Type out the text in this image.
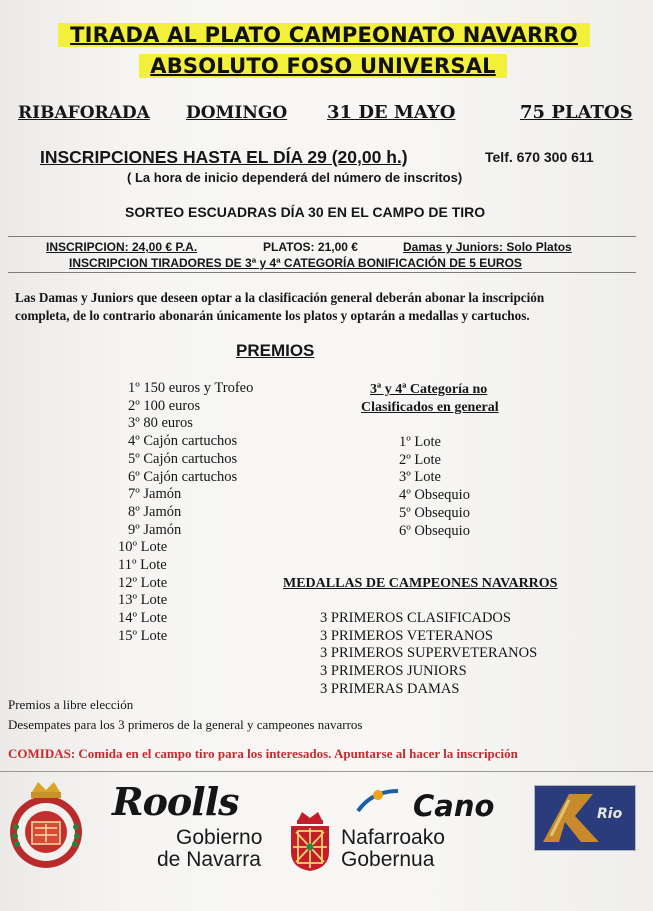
TIRADA AL PLATO CAMPEONATO NAVARRO
ABSOLUTO FOSO UNIVERSAL
RIBAFORADA DOMINGO 31 DE MAYO	75 PLATOS
INSCRIPCIONES HASTA EL DÍA 29 (20,00 h.)	Telf. 670 300 611
( La hora de inicio dependerá del número de inscritos)
SORTEO ESCUADRAS DÍA 30 EN EL CAMPO DE TIRO
INSCRIPCION: 24,00 € P.A.	PLATOS: 21,00 €	Damas y Juniors: Solo Platos
INSCRIPCION TIRADORES DE 3ª y 4ª CATEGORÍA BONIFICACIÓN DE 5 EUROS
Las Damas y Juniors que deseen optar a la clasificación general deberán abonar la inscripción
completa, de lo contrario abonarán únicamente los platos y optarán a medallas y cartuchos.
PREMIOS
1º 150 euros y Trofeo
2º 100 euros
3º 80 euros
4º Cajón cartuchos
5º Cajón cartuchos
6º Cajón cartuchos
7º Jamón
8º Jamón
9º Jamón
10º Lote
11º Lote
12º Lote
13º Lote
14º Lote
15º Lote
3ª y 4ª Categoría no
Clasificados en general
1º Lote
2º Lote
3º Lote
4º Obsequio
5º Obsequio
6º Obsequio
MEDALLAS DE CAMPEONES NAVARROS
3 PRIMEROS CLASIFICADOS
3 PRIMEROS VETERANOS
3 PRIMEROS SUPERVETERANOS
3 PRIMEROS JUNIORS
3 PRIMERAS DAMAS
Premios a libre elección
Desempates para los 3 primeros de la general y campeones navarros
COMIDAS: Comida en el campo tiro para los interesados. Apuntarse al hacer la inscripción
Roolls
Gobierno
de Navarra
Nafarroako
Gobernua
Cano	Rio
